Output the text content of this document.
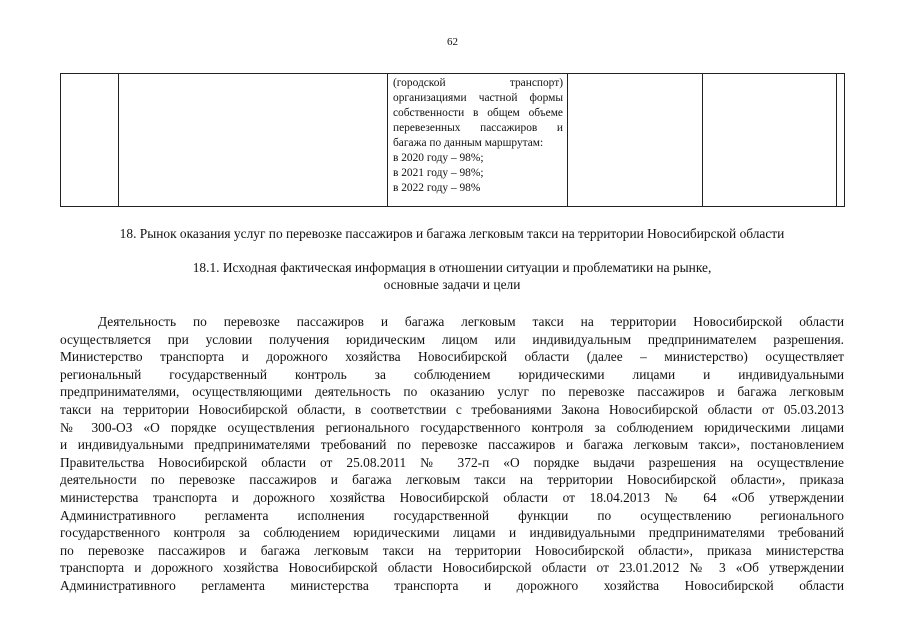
62

(городской транспорт)
организациями частной формы
собственности в общем объеме
перевезенных пассажиров и
багажа по данным маршрутам:
в 2020 году – 98%;
в 2021 году – 98%;
в 2022 году – 98%

18. Рынок оказания услуг по перевозке пассажиров и багажа легковым такси на территории Новосибирской области
18.1. Исходная фактическая информация в отношении ситуации и проблематики на рынке,
основные задачи и цели
Деятельность по перевозке пассажиров и багажа легковым такси на территории Новосибирской области
осуществляется при условии получения юридическим лицом или индивидуальным предпринимателем разрешения.
Министерство транспорта и дорожного хозяйства Новосибирской области (далее – министерство) осуществляет
региональный государственный контроль за соблюдением юридическими лицами и индивидуальными
предпринимателями, осуществляющими деятельность по оказанию услуг по перевозке пассажиров и багажа легковым
такси на территории Новосибирской области, в соответствии с требованиями Закона Новосибирской области от 05.03.2013
№ 300-ОЗ «О порядке осуществления регионального государственного контроля за соблюдением юридическими лицами
и индивидуальными предпринимателями требований по перевозке пассажиров и багажа легковым такси», постановлением
Правительства Новосибирской области от 25.08.2011 № 372-п «О порядке выдачи разрешения на осуществление
деятельности по перевозке пассажиров и багажа легковым такси на территории Новосибирской области», приказа
министерства транспорта и дорожного хозяйства Новосибирской области от 18.04.2013 № 64 «Об утверждении
Административного регламента исполнения государственной функции по осуществлению регионального
государственного контроля за соблюдением юридическими лицами и индивидуальными предпринимателями требований
по перевозке пассажиров и багажа легковым такси на территории Новосибирской области», приказа министерства
транспорта и дорожного хозяйства Новосибирской области Новосибирской области от 23.01.2012 № 3 «Об утверждении
Административного регламента министерства транспорта и дорожного хозяйства Новосибирской области
